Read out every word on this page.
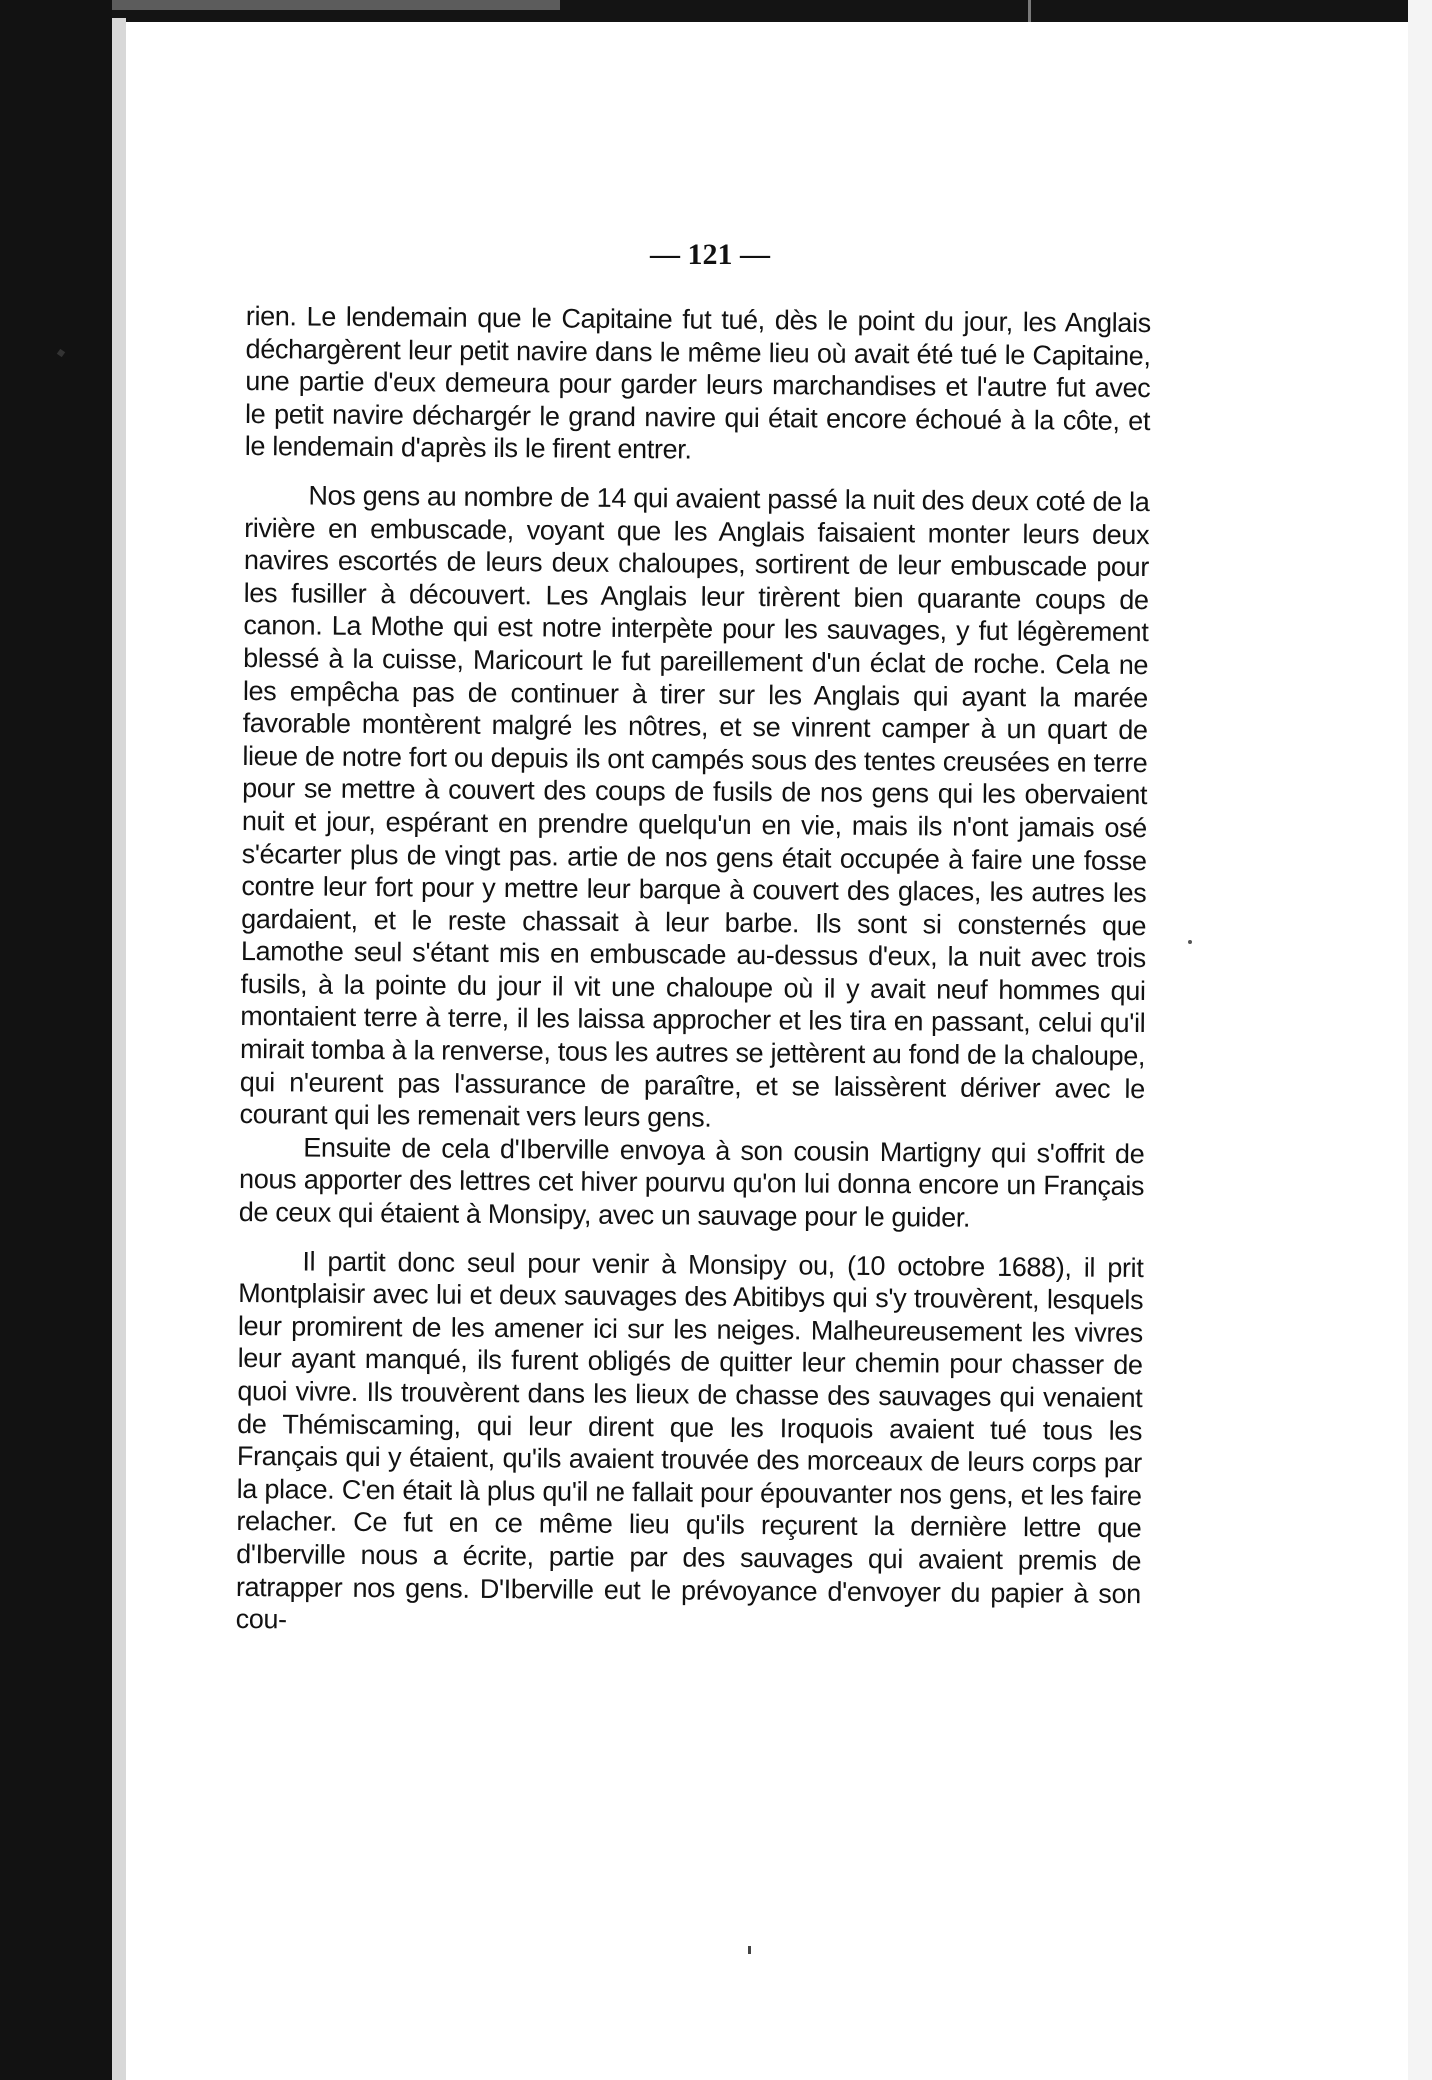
— 121 —

rien. Le lendemain que le Capitaine fut tué, dès le point du jour, les Anglais déchargèrent leur petit navire dans le même lieu où avait été tué le Capitaine, une partie d'eux demeura pour garder leurs marchandises et l'autre fut avec le petit navire déchargér le grand navire qui était encore échoué à la côte, et le lendemain d'après ils le firent entrer.

Nos gens au nombre de 14 qui avaient passé la nuit des deux coté de la rivière en embuscade, voyant que les Anglais faisaient monter leurs deux navires escortés de leurs deux chaloupes, sortirent de leur embuscade pour les fusiller à découvert. Les Anglais leur tirèrent bien quarante coups de canon. La Mothe qui est notre interpète pour les sauvages, y fut légèrement blessé à la cuisse, Maricourt le fut pareillement d'un éclat de roche. Cela ne les empêcha pas de continuer à tirer sur les Anglais qui ayant la marée favorable montèrent malgré les nôtres, et se vinrent camper à un quart de lieue de notre fort ou depuis ils ont campés sous des tentes creusées en terre pour se mettre à couvert des coups de fusils de nos gens qui les obervaient nuit et jour, espérant en prendre quelqu'un en vie, mais ils n'ont jamais osé s'écarter plus de vingt pas. artie de nos gens était occupée à faire une fosse contre leur fort pour y mettre leur barque à couvert des glaces, les autres les gardaient, et le reste chassait à leur barbe. Ils sont si consternés que Lamothe seul s'étant mis en embuscade au-dessus d'eux, la nuit avec trois fusils, à la pointe du jour il vit une chaloupe où il y avait neuf hommes qui montaient terre à terre, il les laissa approcher et les tira en passant, celui qu'il mirait tomba à la renverse, tous les autres se jettèrent au fond de la chaloupe, qui n'eurent pas l'assurance de paraître, et se laissèrent dériver avec le courant qui les remenait vers leurs gens.

Ensuite de cela d'Iberville envoya à son cousin Martigny qui s'offrit de nous apporter des lettres cet hiver pourvu qu'on lui donna encore un Français de ceux qui étaient à Monsipy, avec un sauvage pour le guider.

Il partit donc seul pour venir à Monsipy ou, (10 octobre 1688), il prit Montplaisir avec lui et deux sauvages des Abitibys qui s'y trouvèrent, lesquels leur promirent de les amener ici sur les neiges. Malheureusement les vivres leur ayant manqué, ils furent obligés de quitter leur chemin pour chasser de quoi vivre. Ils trouvèrent dans les lieux de chasse des sauvages qui venaient de Thémiscaming, qui leur dirent que les Iroquois avaient tué tous les Français qui y étaient, qu'ils avaient trouvée des morceaux de leurs corps par la place. C'en était là plus qu'il ne fallait pour épouvanter nos gens, et les faire relacher. Ce fut en ce même lieu qu'ils reçurent la dernière lettre que d'Iberville nous a écrite, partie par des sauvages qui avaient premis de ratrapper nos gens. D'Iberville eut le prévoyance d'envoyer du papier à son cou-
